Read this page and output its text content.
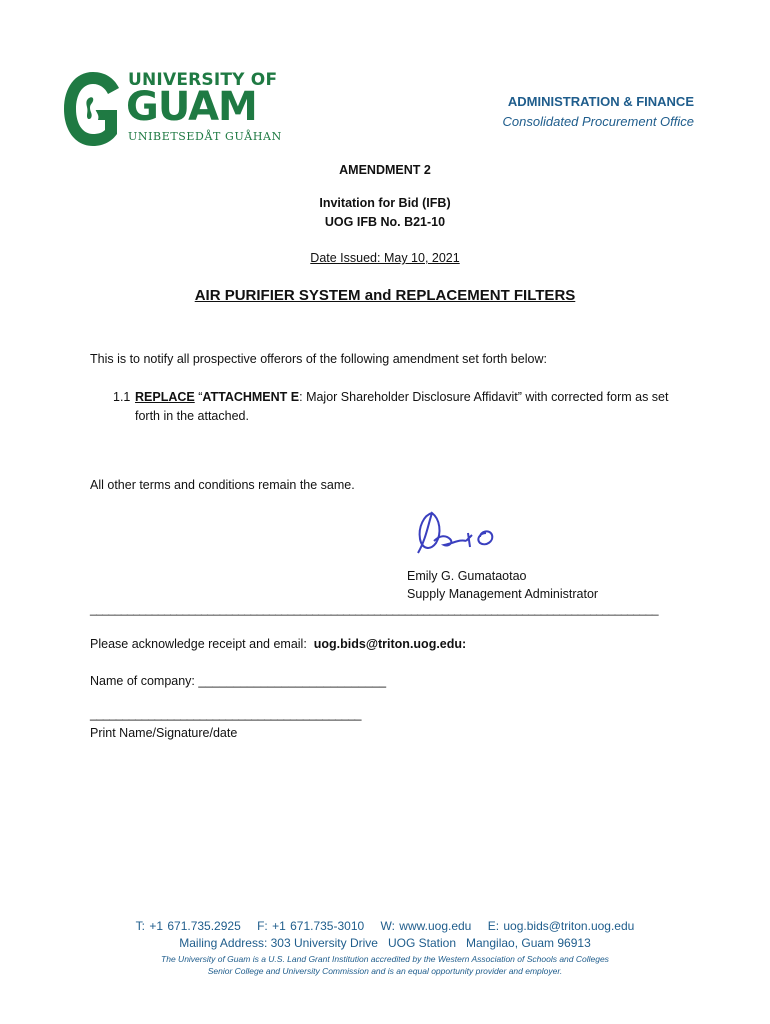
UNIVERSITY OF
GUAM
UNIBETSEDÅT GUÅHAN
ADMINISTRATION & FINANCE
Consolidated Procurement Office
AMENDMENT 2
Invitation for Bid (IFB)
UOG IFB No. B21-10
Date Issued: May 10, 2021
AIR PURIFIER SYSTEM and REPLACEMENT FILTERS
This is to notify all prospective offerors of the following amendment set forth below:
1.1 REPLACE “ATTACHMENT E: Major Shareholder Disclosure Affidavit” with corrected form as set
forth in the attached.
All other terms and conditions remain the same.
Emily G. Gumataotao
Supply Management Administrator
____________________________________________________________________________________________
Please acknowledge receipt and email:  uog.bids@triton.uog.edu:
Name of company: ___________________________
__________________________________________
Print Name/Signature/date
T: +1 671.735.2925 F: +1 671.735-3010 W: www.uog.edu E: uog.bids@triton.uog.edu
Mailing Address: 303 University Drive   UOG Station   Mangilao, Guam 96913
The University of Guam is a U.S. Land Grant Institution accredited by the Western Association of Schools and Colleges
Senior College and University Commission and is an equal opportunity provider and employer.
